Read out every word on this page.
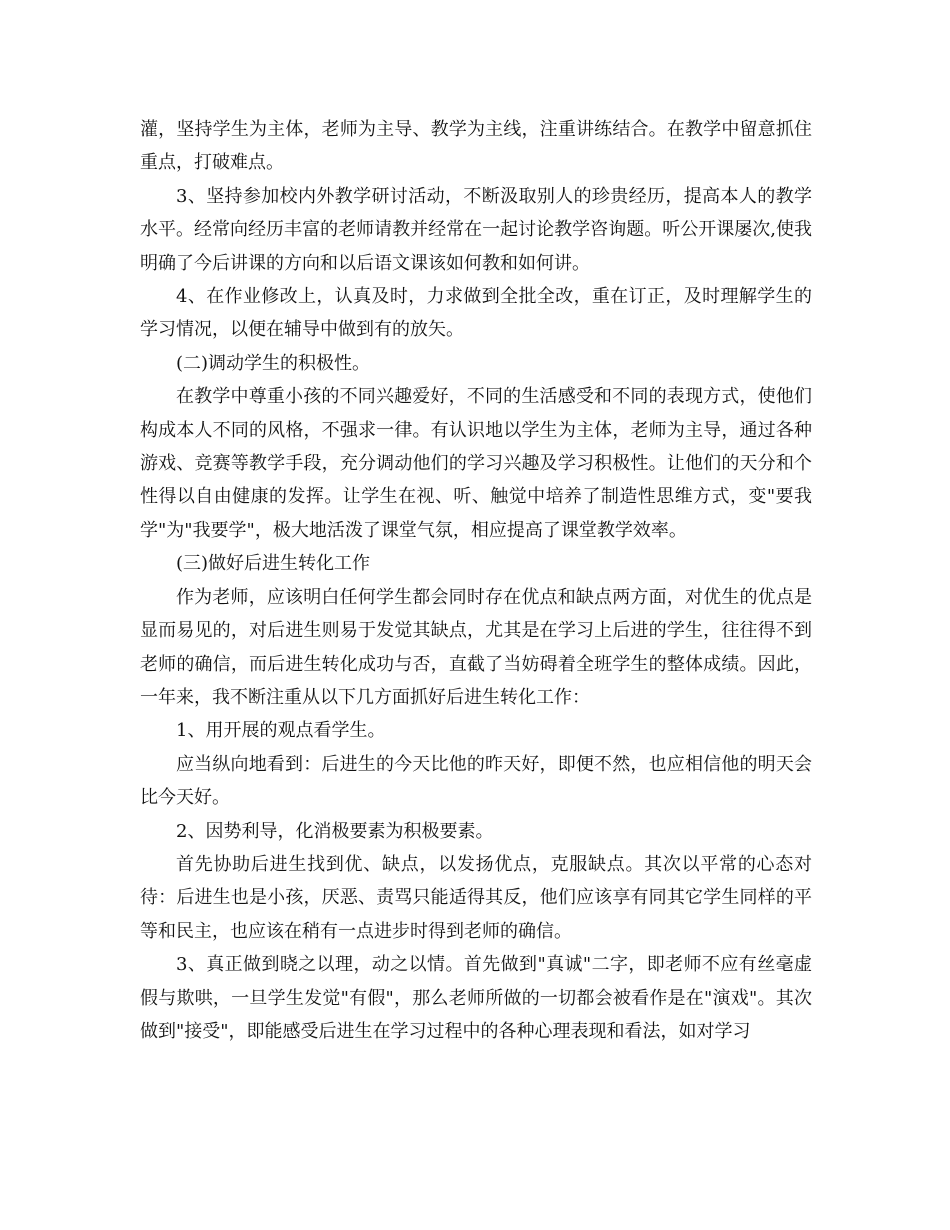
灌，坚持学生为主体，老师为主导、教学为主线，注重讲练结合。在教学中留意抓住重点，打破难点。

3、坚持参加校内外教学研讨活动，不断汲取别人的珍贵经历，提高本人的教学水平。经常向经历丰富的老师请教并经常在一起讨论教学咨询题。听公开课屡次,使我明确了今后讲课的方向和以后语文课该如何教和如何讲。

4、在作业修改上，认真及时，力求做到全批全改，重在订正，及时理解学生的学习情况，以便在辅导中做到有的放矢。

(二)调动学生的积极性。

在教学中尊重小孩的不同兴趣爱好，不同的生活感受和不同的表现方式，使他们构成本人不同的风格，不强求一律。有认识地以学生为主体，老师为主导，通过各种游戏、竞赛等教学手段，充分调动他们的学习兴趣及学习积极性。让他们的天分和个性得以自由健康的发挥。让学生在视、听、触觉中培养了制造性思维方式，变"要我学"为"我要学"，极大地活泼了课堂气氛，相应提高了课堂教学效率。

(三)做好后进生转化工作

作为老师，应该明白任何学生都会同时存在优点和缺点两方面，对优生的优点是显而易见的，对后进生则易于发觉其缺点，尤其是在学习上后进的学生，往往得不到老师的确信，而后进生转化成功与否，直截了当妨碍着全班学生的整体成绩。因此，一年来，我不断注重从以下几方面抓好后进生转化工作：

1、用开展的观点看学生。

应当纵向地看到：后进生的今天比他的昨天好，即便不然，也应相信他的明天会比今天好。

2、因势利导，化消极要素为积极要素。

首先协助后进生找到优、缺点，以发扬优点，克服缺点。其次以平常的心态对待：后进生也是小孩，厌恶、责骂只能适得其反，他们应该享有同其它学生同样的平等和民主，也应该在稍有一点进步时得到老师的确信。

3、真正做到晓之以理，动之以情。首先做到"真诚"二字，即老师不应有丝毫虚假与欺哄，一旦学生发觉"有假"，那么老师所做的一切都会被看作是在"演戏"。其次做到"接受"，即能感受后进生在学习过程中的各种心理表现和看法，如对学习
